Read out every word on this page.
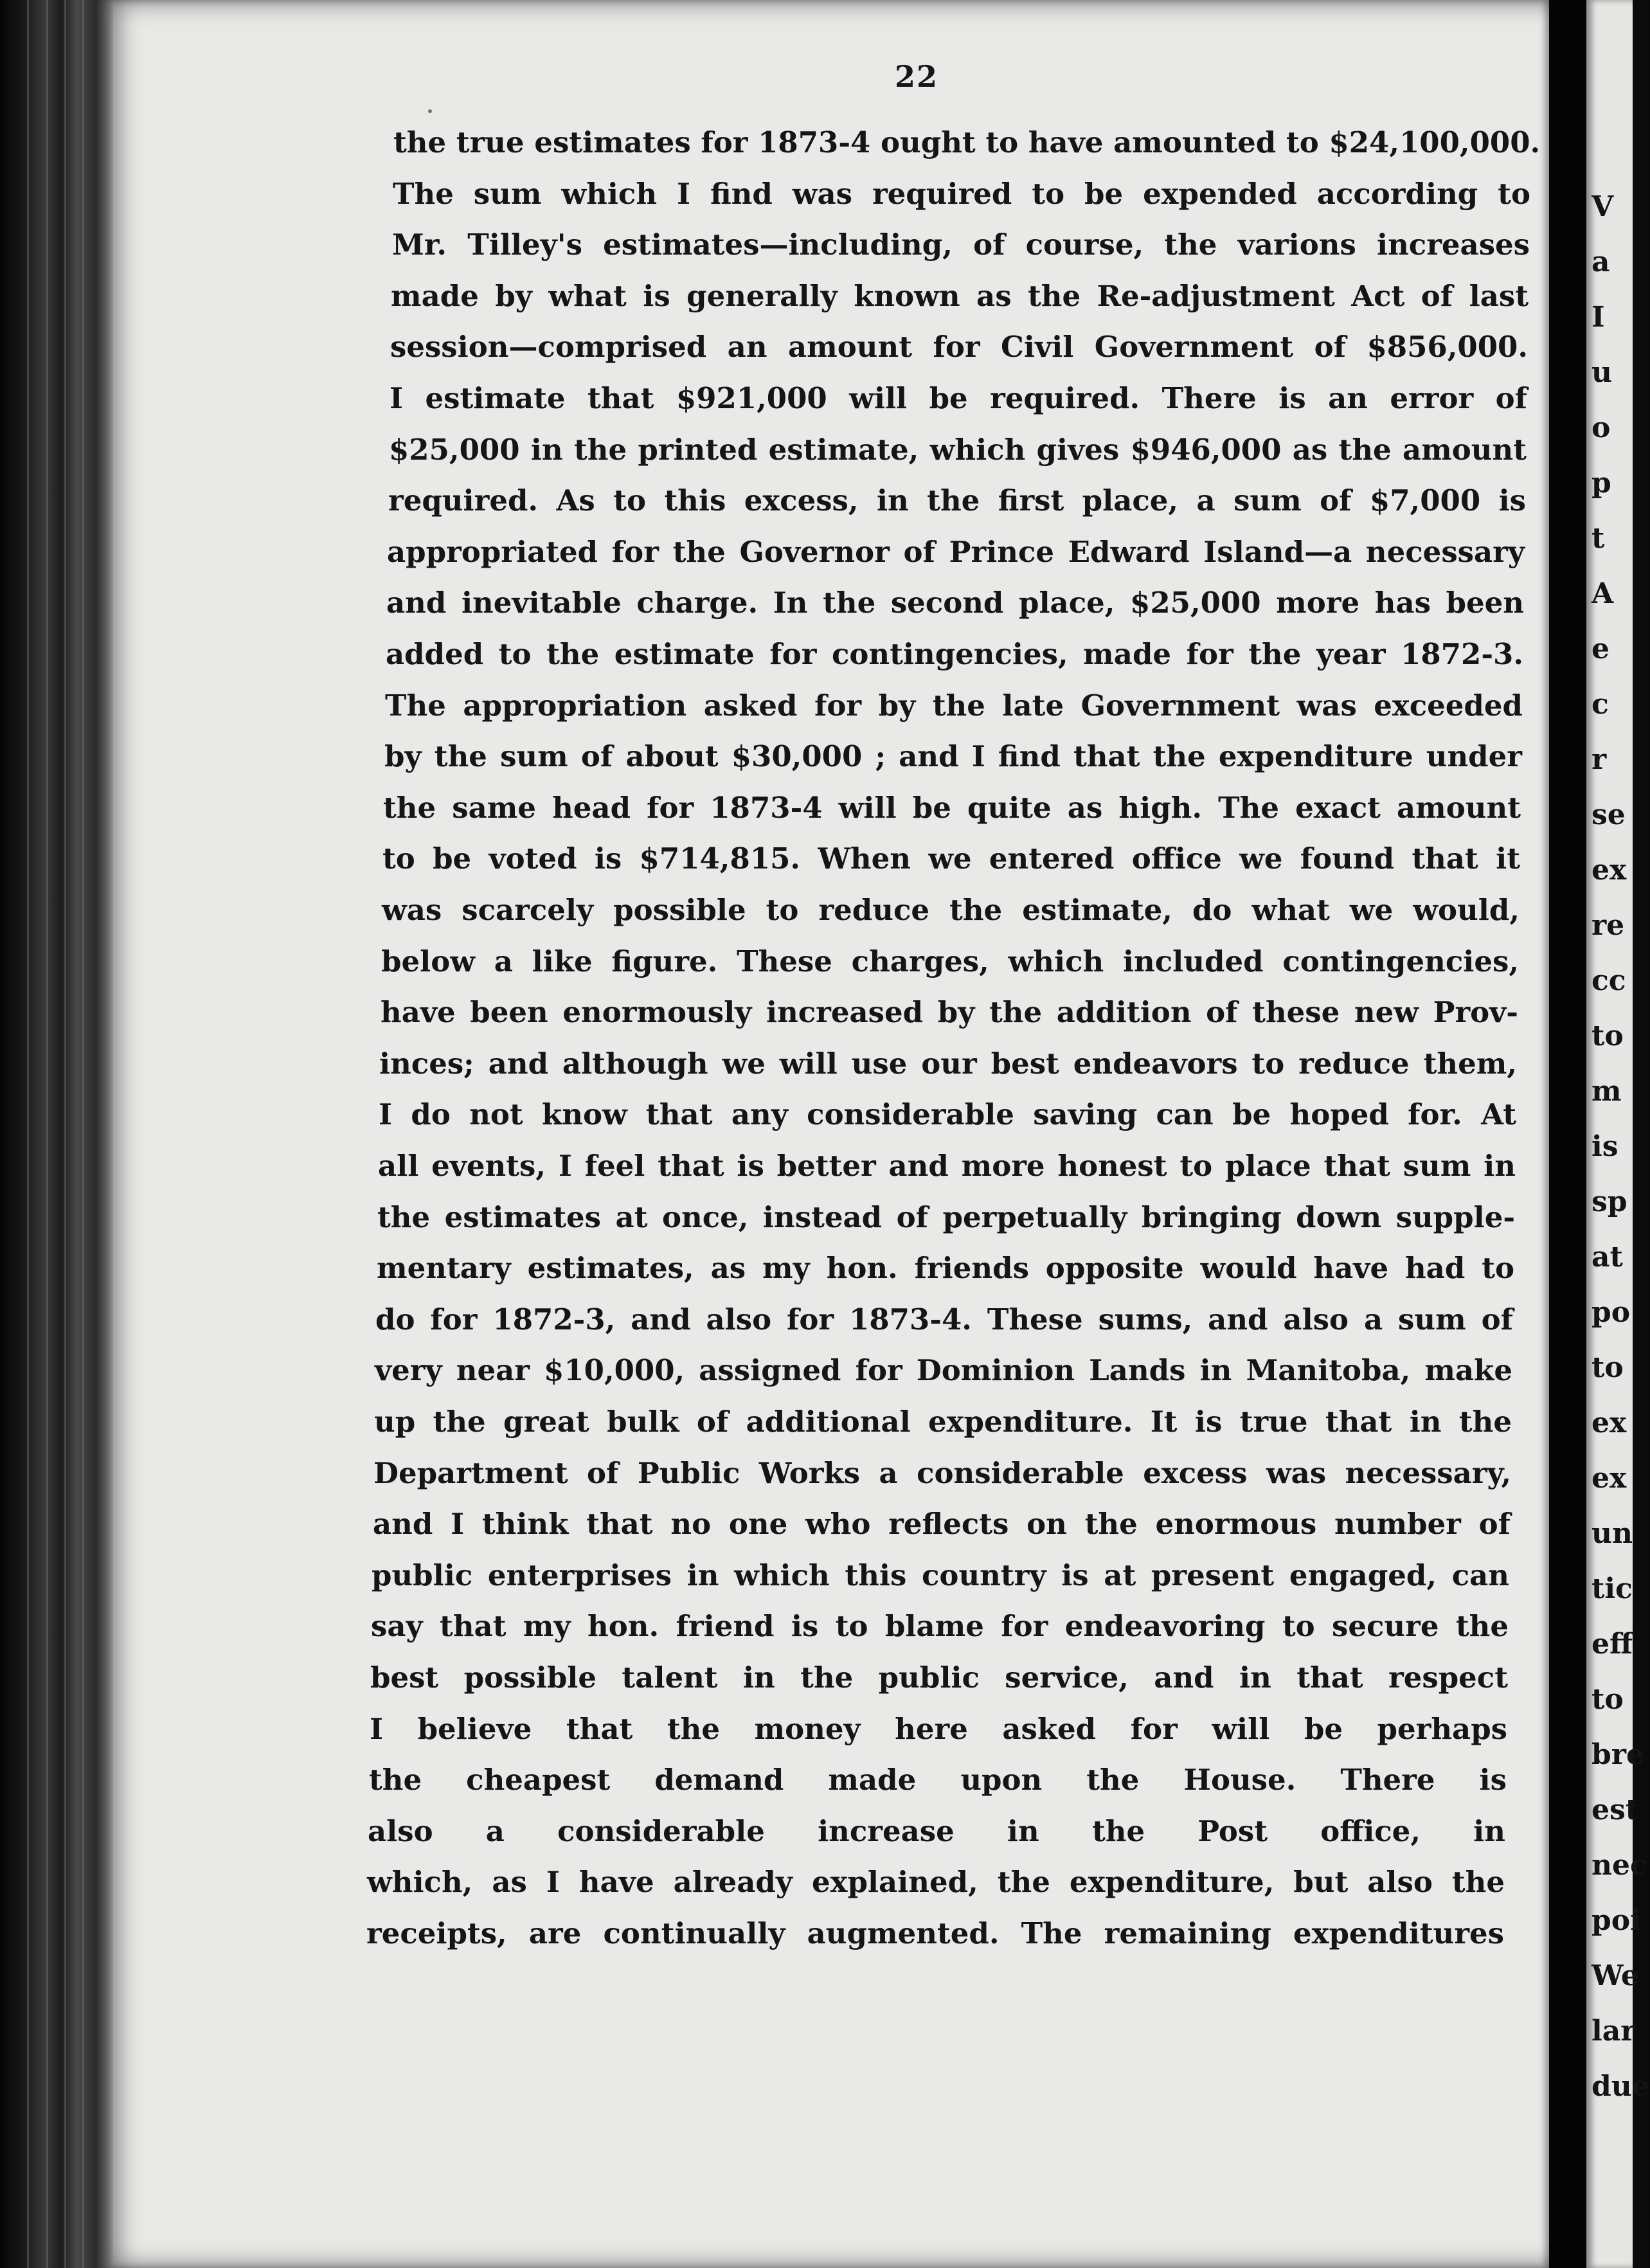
22
the true estimates for 1873-4 ought to have amounted to $24,100,000.
The sum which I find was required to be expended according to
Mr. Tilley's estimates—including, of course, the varions increases
made by what is generally known as the Re-adjustment Act of last
session—comprised an amount for Civil Government of $856,000.
I estimate that $921,000 will be required. There is an error of
$25,000 in the printed estimate, which gives $946,000 as the amount
required. As to this excess, in the first place, a sum of $7,000 is
appropriated for the Governor of Prince Edward Island—a necessary
and inevitable charge. In the second place, $25,000 more has been
added to the estimate for contingencies, made for the year 1872-3.
The appropriation asked for by the late Government was exceeded
by the sum of about $30,000 ; and I find that the expenditure under
the same head for 1873-4 will be quite as high. The exact amount
to be voted is $714,815. When we entered office we found that it
was scarcely possible to reduce the estimate, do what we would,
below a like figure. These charges, which included contingencies,
have been enormously increased by the addition of these new Prov-
inces; and although we will use our best endeavors to reduce them,
I do not know that any considerable saving can be hoped for. At
all events, I feel that is better and more honest to place that sum in
the estimates at once, instead of perpetually bringing down supple-
mentary estimates, as my hon. friends opposite would have had to
do for 1872-3, and also for 1873-4. These sums, and also a sum of
very near $10,000, assigned for Dominion Lands in Manitoba, make
up the great bulk of additional expenditure. It is true that in the
Department of Public Works a considerable excess was necessary,
and I think that no one who reflects on the enormous number of
public enterprises in which this country is at present engaged, can
say that my hon. friend is to blame for endeavoring to secure the
best possible talent in the public service, and in that respect
I believe that the money here asked for will be perhaps
the cheapest demand made upon the House. There is
also a considerable increase in the Post office, in
which, as I have already explained, the expenditure, but also the
receipts, are continually augmented. The remaining expenditures
V
a
I
u
o
p
t
A
e
c
r
se
ex
re
cc
to
m
is
sp
at
po
to
ex
ex
un
tic
eff
to
bre
est
nec
poi
We
lar
due
